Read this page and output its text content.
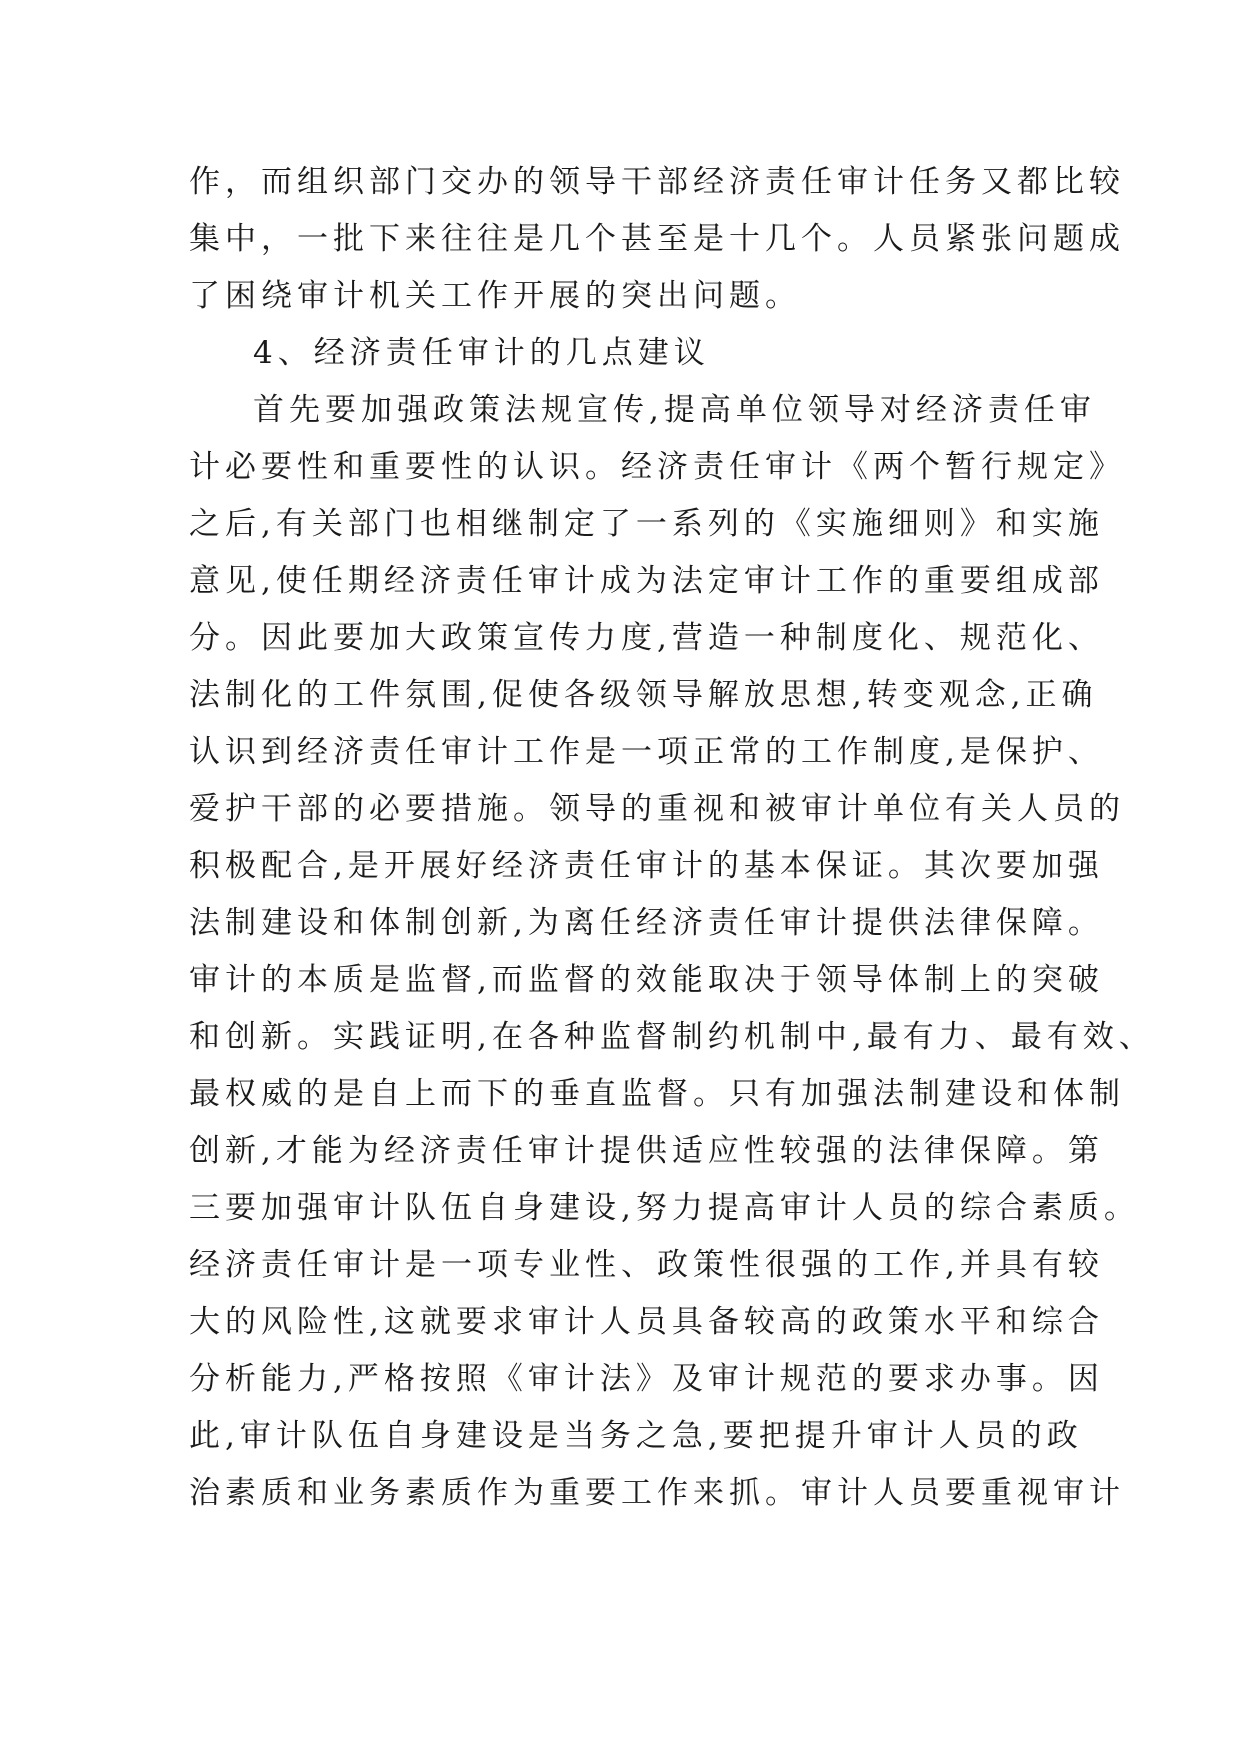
作，而组织部门交办的领导干部经济责任审计任务又都比较
集中，一批下来往往是几个甚至是十几个。人员紧张问题成
了困绕审计机关工作开展的突出问题。
4、经济责任审计的几点建议
首先要加强政策法规宣传,提高单位领导对经济责任审
计必要性和重要性的认识。经济责任审计《两个暂行规定》
之后,有关部门也相继制定了一系列的《实施细则》和实施
意见,使任期经济责任审计成为法定审计工作的重要组成部
分。因此要加大政策宣传力度,营造一种制度化、规范化、
法制化的工件氛围,促使各级领导解放思想,转变观念,正确
认识到经济责任审计工作是一项正常的工作制度,是保护、
爱护干部的必要措施。领导的重视和被审计单位有关人员的
积极配合,是开展好经济责任审计的基本保证。其次要加强
法制建设和体制创新,为离任经济责任审计提供法律保障。
审计的本质是监督,而监督的效能取决于领导体制上的突破
和创新。实践证明,在各种监督制约机制中,最有力、最有效、
最权威的是自上而下的垂直监督。只有加强法制建设和体制
创新,才能为经济责任审计提供适应性较强的法律保障。第
三要加强审计队伍自身建设,努力提高审计人员的综合素质。
经济责任审计是一项专业性、政策性很强的工作,并具有较
大的风险性,这就要求审计人员具备较高的政策水平和综合
分析能力,严格按照《审计法》及审计规范的要求办事。因
此,审计队伍自身建设是当务之急,要把提升审计人员的政
治素质和业务素质作为重要工作来抓。审计人员要重视审计
